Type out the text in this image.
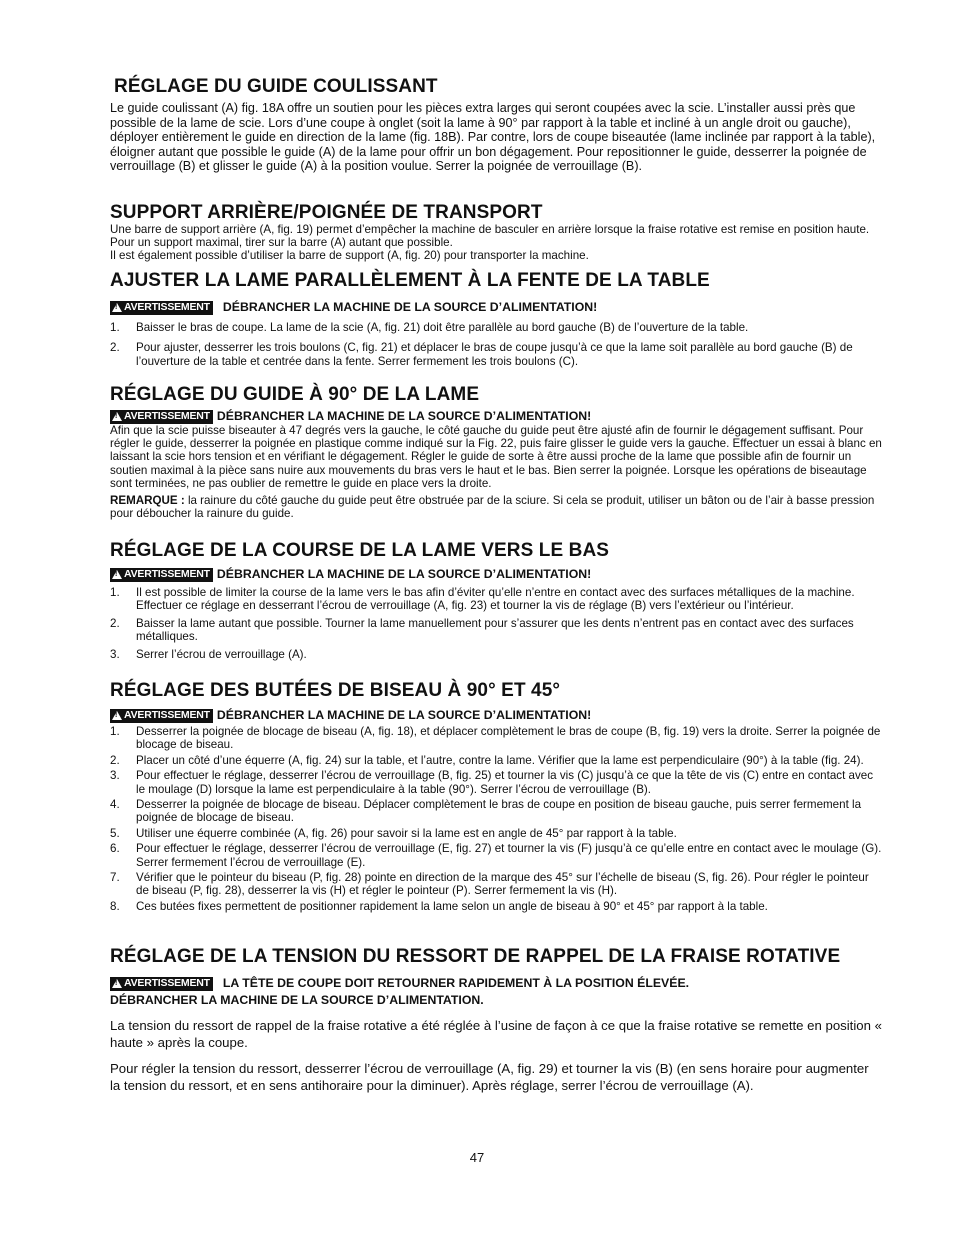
RÉGLAGE DU GUIDE COULISSANT

Le guide coulissant (A) fig. 18A offre un soutien pour les pièces extra larges qui seront coupées avec la scie. L’installer aussi près que possible de la lame de scie. Lors d’une coupe à onglet (soit la lame à 90° par rapport à la table et incliné à un angle droit ou gauche), déployer entièrement le guide en direction de la lame (fig. 18B). Par contre, lors de coupe biseautée (lame inclinée par rapport à la table), éloigner autant que possible le guide (A) de la lame pour offrir un bon dégagement. Pour repositionner le guide, desserrer la poignée de verrouillage (B) et glisser le guide (A) à la position voulue. Serrer la poignée de verrouillage (B).

SUPPORT ARRIÈRE/POIGNÉE DE TRANSPORT

Une barre de support arrière (A, fig. 19) permet d’empêcher la machine de basculer en arrière lorsque la fraise rotative est remise en position haute. Pour un support maximal, tirer sur la barre (A) autant que possible.

Il est également possible d’utiliser la barre de support (A, fig. 20) pour transporter la machine.

AJUSTER LA LAME PARALLÈLEMENT À LA FENTE DE LA TABLE
!
AVERTISSEMENT DÉBRANCHER LA MACHINE DE LA SOURCE D’ALIMENTATION!
1. Baisser le bras de coupe. La lame de la scie (A, fig. 21) doit être parallèle au bord gauche (B) de l’ouverture de la table.
2. Pour ajuster, desserrer les trois boulons (C, fig. 21) et déplacer le bras de coupe jusqu’à ce que la lame soit parallèle au bord gauche (B) de l’ouverture de la table et centrée dans la fente. Serrer fermement les trois boulons (C).
RÉGLAGE DU GUIDE À 90° DE LA LAME
!
AVERTISSEMENT DÉBRANCHER LA MACHINE DE LA SOURCE D’ALIMENTATION!

Afin que la scie puisse biseauter à 47 degrés vers la gauche, le côté gauche du guide peut être ajusté afin de fournir le dégagement suffisant. Pour régler le guide, desserrer la poignée en plastique comme indiqué sur la Fig. 22, puis faire glisser le guide vers la gauche. Effectuer un essai à blanc en laissant la scie hors tension et en vérifiant le dégagement. Régler le guide de sorte à être aussi proche de la lame que possible afin de fournir un soutien maximal à la pièce sans nuire aux mouvements du bras vers le haut et le bas. Bien serrer la poignée. Lorsque les opérations de biseautage sont terminées, ne pas oublier de remettre le guide en place vers la droite.

REMARQUE : la rainure du côté gauche du guide peut être obstruée par de la sciure. Si cela se produit, utiliser un bâton ou de l’air à basse pression pour déboucher la rainure du guide.

RÉGLAGE DE LA COURSE DE LA LAME VERS LE BAS
!
AVERTISSEMENT DÉBRANCHER LA MACHINE DE LA SOURCE D’ALIMENTATION!
1. Il est possible de limiter la course de la lame vers le bas afin d’éviter qu’elle n’entre en contact avec des surfaces métalliques de la machine. Effectuer ce réglage en desserrant l’écrou de verrouillage (A, fig. 23) et tourner la vis de réglage (B) vers l’extérieur ou l’intérieur.
2. Baisser la lame autant que possible. Tourner la lame manuellement pour s’assurer que les dents n’entrent pas en contact avec des surfaces métalliques.
3. Serrer l’écrou de verrouillage (A).
RÉGLAGE DES BUTÉES DE BISEAU À 90° ET 45°
!
AVERTISSEMENT DÉBRANCHER LA MACHINE DE LA SOURCE D’ALIMENTATION!
1. Desserrer la poignée de blocage de biseau (A, fig. 18), et déplacer complètement le bras de coupe (B, fig. 19) vers la droite. Serrer la poignée de blocage de biseau.
2. Placer un côté d’une équerre (A, fig. 24) sur la table, et l’autre, contre la lame. Vérifier que la lame est perpendiculaire (90°) à la table (fig. 24).
3. Pour effectuer le réglage, desserrer l’écrou de verrouillage (B, fig. 25) et tourner la vis (C) jusqu’à ce que la tête de vis (C) entre en contact avec le moulage (D) lorsque la lame est perpendiculaire à la table (90°). Serrer l’écrou de verrouillage (B).
4. Desserrer la poignée de blocage de biseau. Déplacer complètement le bras de coupe en position de biseau gauche, puis serrer fermement la poignée de blocage de biseau.
5. Utiliser une équerre combinée (A, fig. 26) pour savoir si la lame est en angle de 45° par rapport à la table.
6. Pour effectuer le réglage, desserrer l’écrou de verrouillage (E, fig. 27) et tourner la vis (F) jusqu’à ce qu’elle entre en contact avec le moulage (G). Serrer fermement l’écrou de verrouillage (E).
7. Vérifier que le pointeur du biseau (P, fig. 28) pointe en direction de la marque des 45° sur l’échelle de biseau (S, fig. 26). Pour régler le pointeur de biseau (P, fig. 28), desserrer la vis (H) et régler le pointeur (P). Serrer fermement la vis (H).
8. Ces butées fixes permettent de positionner rapidement la lame selon un angle de biseau à 90° et 45° par rapport à la table.
RÉGLAGE DE LA TENSION DU RESSORT DE RAPPEL DE LA FRAISE ROTATIVE
!
AVERTISSEMENT LA TÊTE DE COUPE DOIT RETOURNER RAPIDEMENT À LA POSITION ÉLEVÉE.
DÉBRANCHER LA MACHINE DE LA SOURCE D’ALIMENTATION.

La tension du ressort de rappel de la fraise rotative a été réglée à l’usine de façon à ce que la fraise rotative se remette en position « haute » après la coupe.

Pour régler la tension du ressort, desserrer l’écrou de verrouillage (A, fig. 29) et tourner la vis (B) (en sens horaire pour augmenter la tension du ressort, et en sens antihoraire pour la diminuer). Après réglage, serrer l’écrou de verrouillage (A).

47
